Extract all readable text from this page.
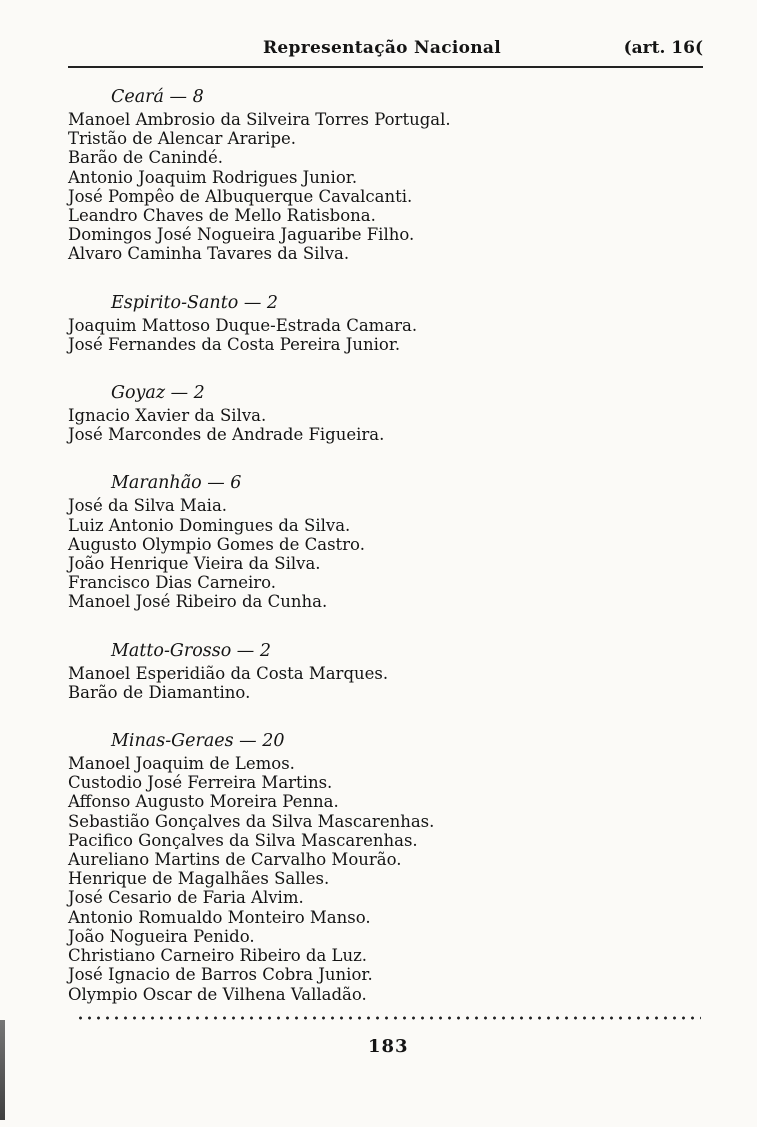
Representação Nacional	(art. 16(
Ceará — 8
Manoel Ambrosio da Silveira Torres Portugal.
Tristão de Alencar Araripe.
Barão de Canindé.
Antonio Joaquim Rodrigues Junior.
José Pompêo de Albuquerque Cavalcanti.
Leandro Chaves de Mello Ratisbona.
Domingos José Nogueira Jaguaribe Filho.
Alvaro Caminha Tavares da Silva.
Espirito-Santo — 2
Joaquim Mattoso Duque-Estrada Camara.
José Fernandes da Costa Pereira Junior.
Goyaz — 2
Ignacio Xavier da Silva.
José Marcondes de Andrade Figueira.
Maranhão — 6
José da Silva Maia.
Luiz Antonio Domingues da Silva.
Augusto Olympio Gomes de Castro.
João Henrique Vieira da Silva.
Francisco Dias Carneiro.
Manoel José Ribeiro da Cunha.
Matto-Grosso — 2
Manoel Esperidião da Costa Marques.
Barão de Diamantino.
Minas-Geraes — 20
Manoel Joaquim de Lemos.
Custodio José Ferreira Martins.
Affonso Augusto Moreira Penna.
Sebastião Gonçalves da Silva Mascarenhas.
Pacifico Gonçalves da Silva Mascarenhas.
Aureliano Martins de Carvalho Mourão.
Henrique de Magalhães Salles.
José Cesario de Faria Alvim.
Antonio Romualdo Monteiro Manso.
João Nogueira Penido.
Christiano Carneiro Ribeiro da Luz.
José Ignacio de Barros Cobra Junior.
Olympio Oscar de Vilhena Valladão.
183
